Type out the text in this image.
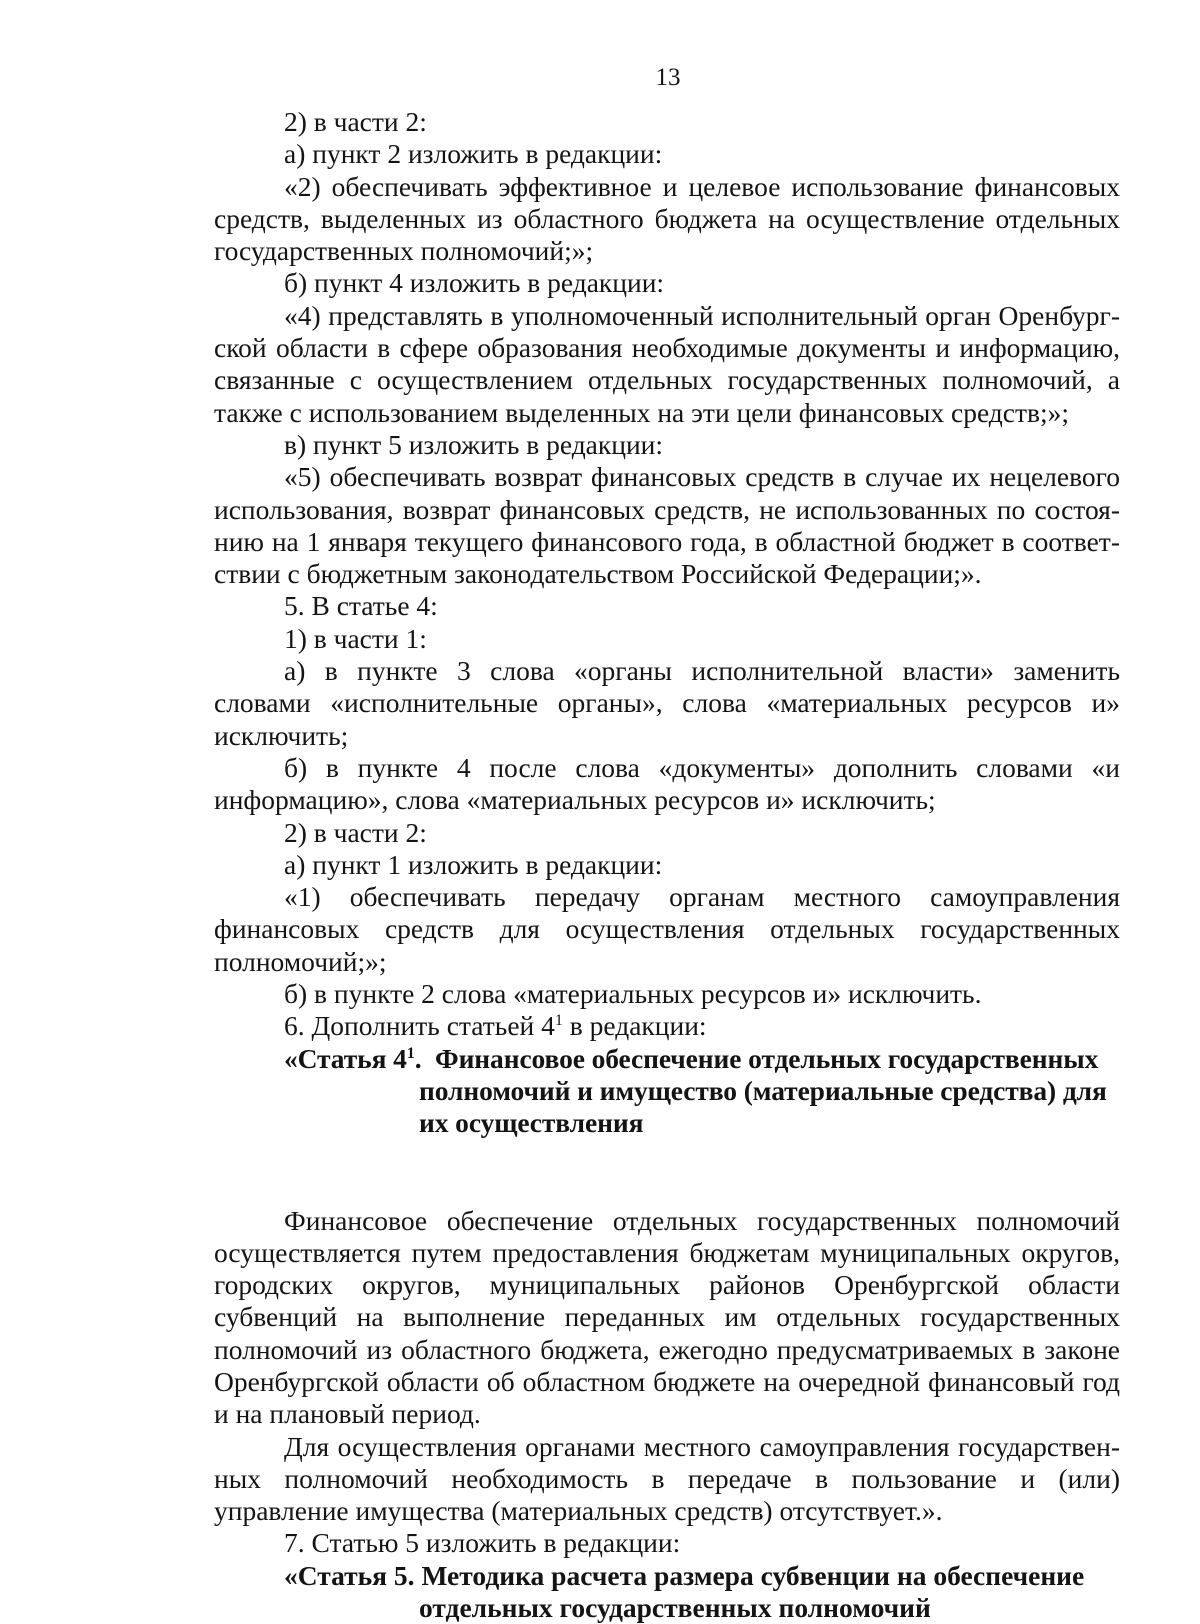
13

2) в части 2:

а) пункт 2 изложить в редакции:

«2) обеспечивать эффективное и целевое использование финансовых средств, выделенных из областного бюджета на осуществление отдельных государственных полномочий;»;

б) пункт 4 изложить в редакции:

«4) представлять в уполномоченный исполнительный орган Оренбургской области в сфере образования необходимые документы и информацию, связанные с осуществлением отдельных государственных полномочий, а также с использованием выделенных на эти цели финансовых средств;»;

в) пункт 5 изложить в редакции:

«5) обеспечивать возврат финансовых средств в случае их нецелевого использования, возврат финансовых средств, не использованных по состоянию на 1 января текущего финансового года, в областной бюджет в соответствии с бюджетным законодательством Российской Федерации;».

5. В статье 4:

1) в части 1:

а) в пункте 3 слова «органы исполнительной власти» заменить словами «исполнительные органы», слова «материальных ресурсов и» исключить;

б) в пункте 4 после слова «документы» дополнить словами «и информацию», слова «материальных ресурсов и» исключить;

2) в части 2:

а) пункт 1 изложить в редакции:

«1) обеспечивать передачу органам местного самоуправления финансовых средств для осуществления отдельных государственных полномочий;»;

б) в пункте 2 слова «материальных ресурсов и» исключить.

6. Дополнить статьей $4^1$ в редакции:

«Статья $4^1$. Финансовое обеспечение отдельных государственных полномочий и имущество (материальные средства) для их осуществления

Финансовое обеспечение отдельных государственных полномочий осуществляется путем предоставления бюджетам муниципальных округов, городских округов, муниципальных районов Оренбургской области субвенций на выполнение переданных им отдельных государственных полномочий из областного бюджета, ежегодно предусматриваемых в законе Оренбургской области об областном бюджете на очередной финансовый год и на плановый период.

Для осуществления органами местного самоуправления государственных полномочий необходимость в передаче в пользование и (или) управление имущества (материальных средств) отсутствует.».

7. Статью 5 изложить в редакции:

«Статья 5. Методика расчета размера субвенции на обеспечение отдельных государственных полномочий
